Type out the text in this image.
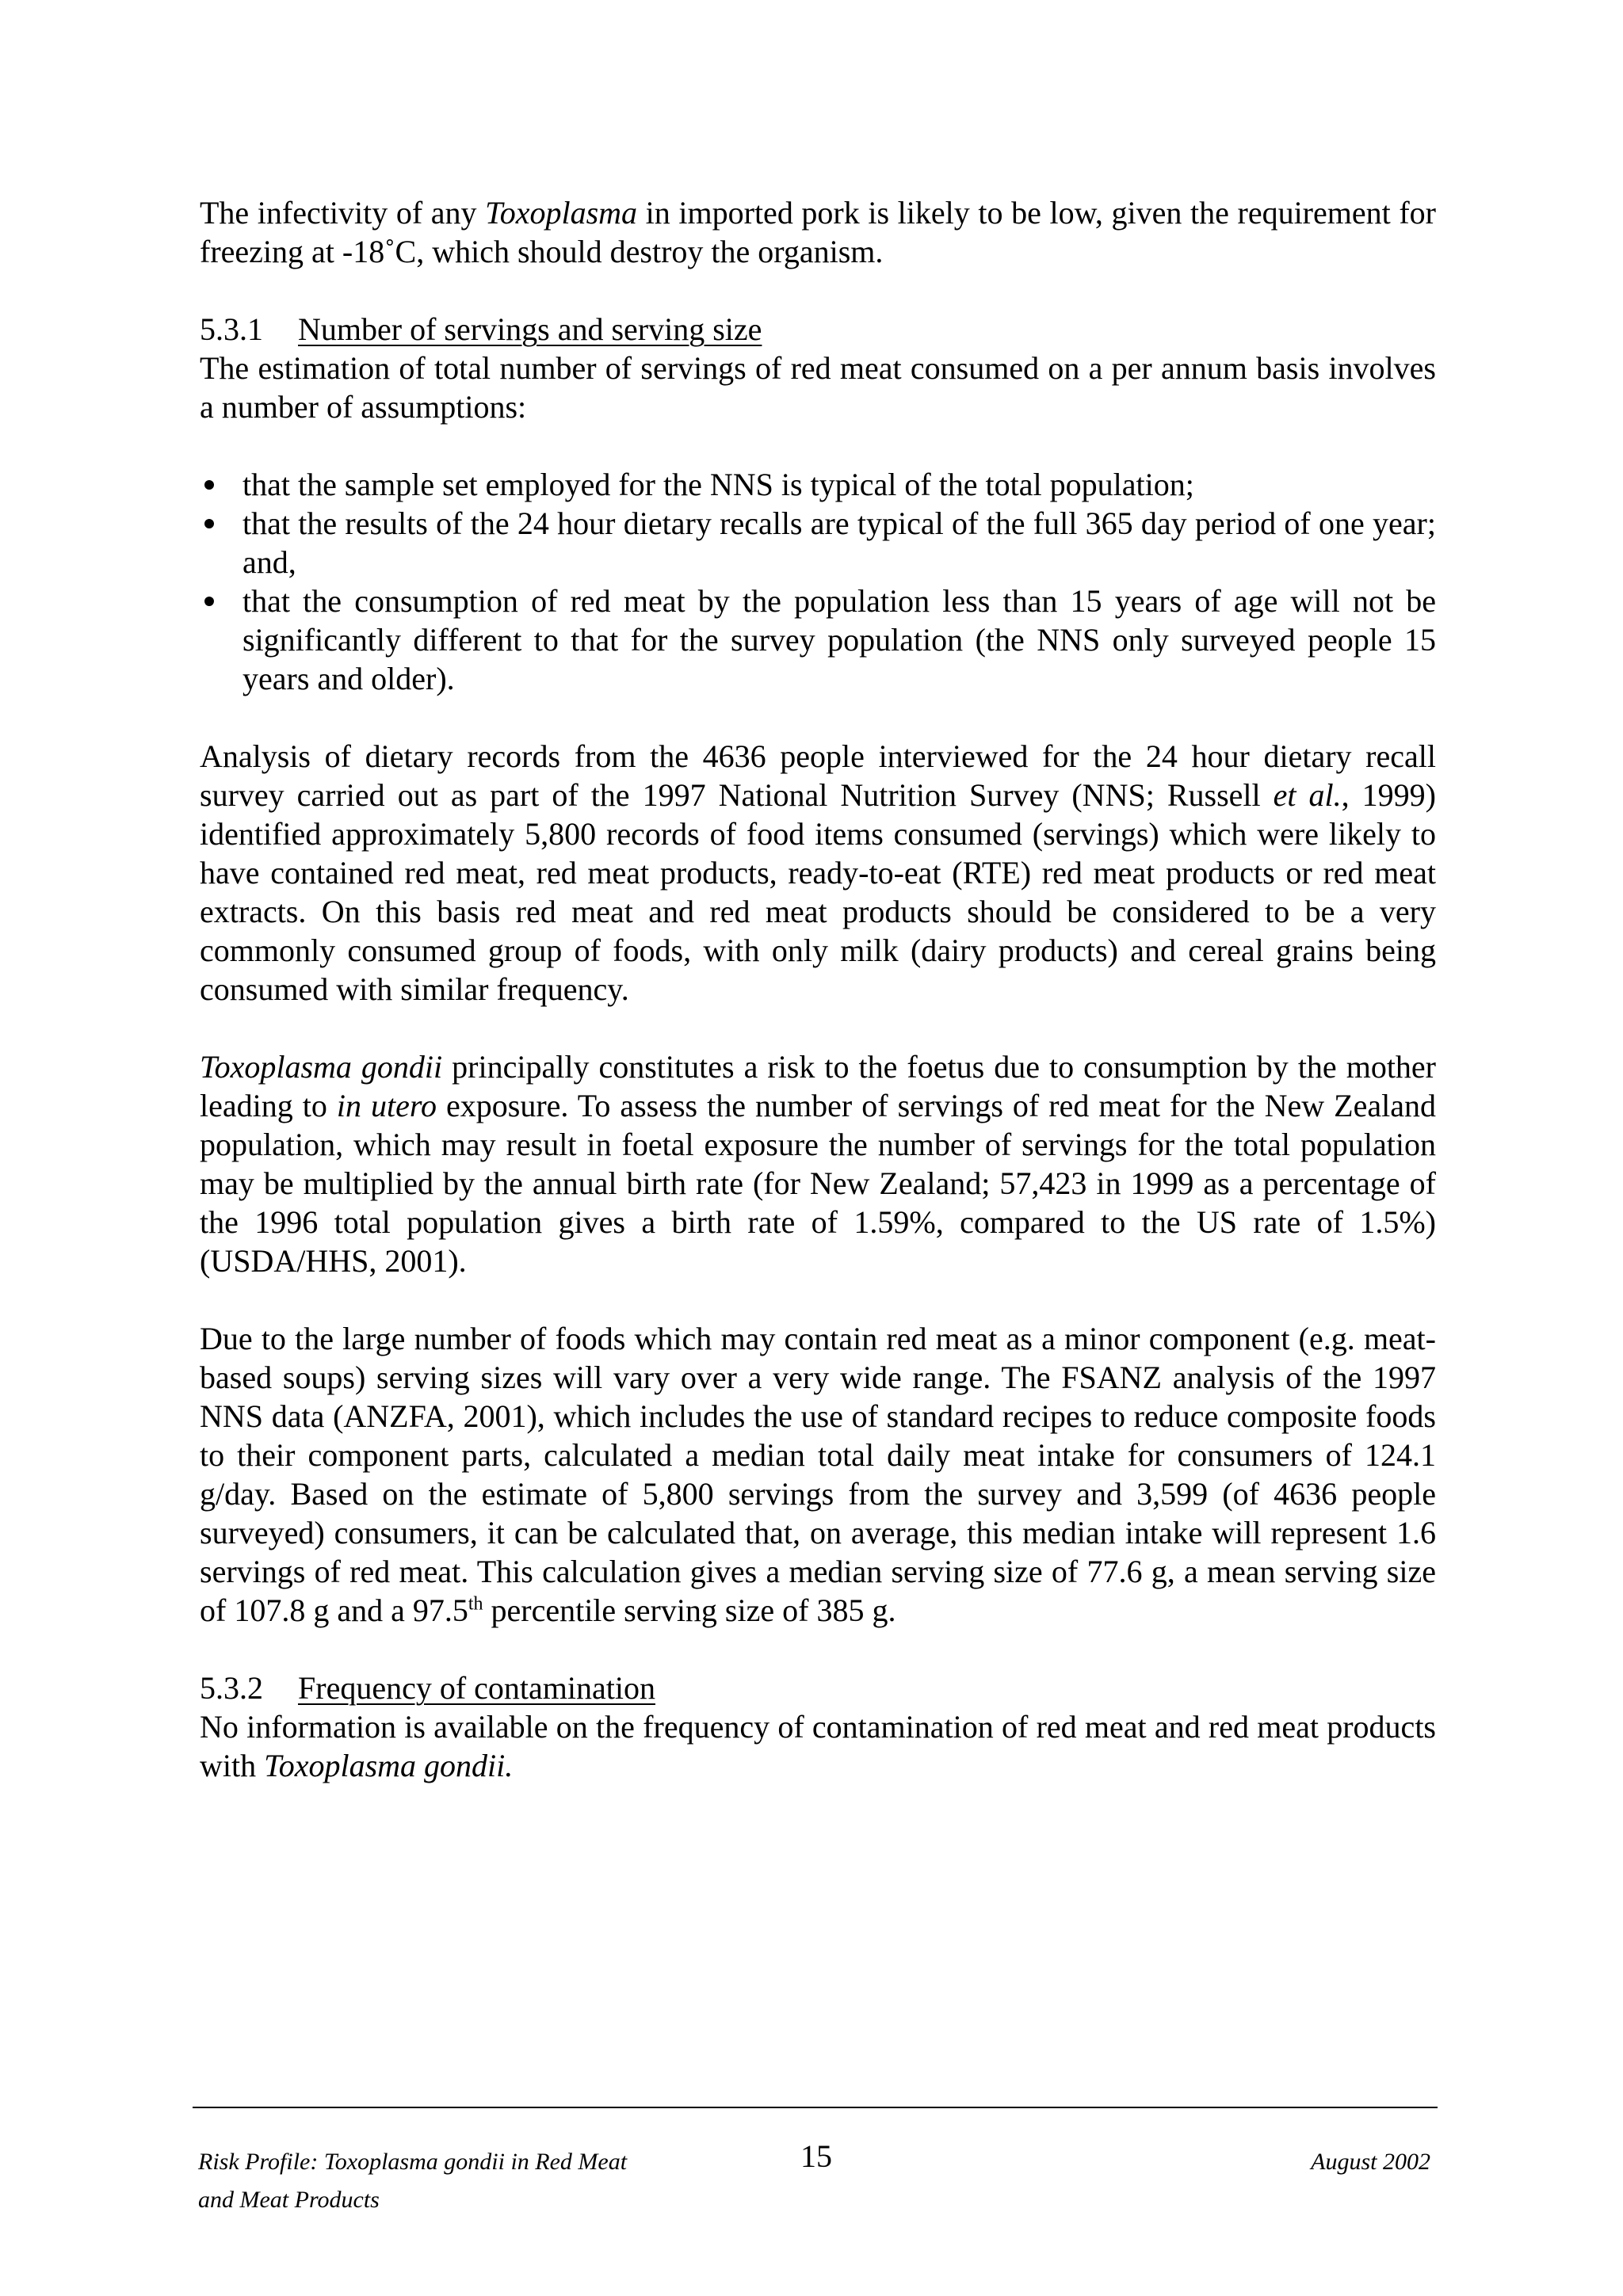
The infectivity of any Toxoplasma in imported pork is likely to be low, given the requirement for freezing at -18˚C, which should destroy the organism.

5.3.1 Number of servings and serving size

The estimation of total number of servings of red meat consumed on a per annum basis involves a number of assumptions:

that the sample set employed for the NNS is typical of the total population;
that the results of the 24 hour dietary recalls are typical of the full 365 day period of one year; and,
that the consumption of red meat by the population less than 15 years of age will not be significantly different to that for the survey population (the NNS only surveyed people 15 years and older).

Analysis of dietary records from the 4636 people interviewed for the 24 hour dietary recall survey carried out as part of the 1997 National Nutrition Survey (NNS; Russell et al., 1999) identified approximately 5,800 records of food items consumed (servings) which were likely to have contained red meat, red meat products, ready-to-eat (RTE) red meat products or red meat extracts. On this basis red meat and red meat products should be considered to be a very commonly consumed group of foods, with only milk (dairy products) and cereal grains being consumed with similar frequency.

Toxoplasma gondii principally constitutes a risk to the foetus due to consumption by the mother leading to in utero exposure. To assess the number of servings of red meat for the New Zealand population, which may result in foetal exposure the number of servings for the total population may be multiplied by the annual birth rate (for New Zealand; 57,423 in 1999 as a percentage of the 1996 total population gives a birth rate of 1.59%, compared to the US rate of 1.5%)(USDA/HHS, 2001).

Due to the large number of foods which may contain red meat as a minor component (e.g. meat-based soups) serving sizes will vary over a very wide range. The FSANZ analysis of the 1997 NNS data (ANZFA, 2001), which includes the use of standard recipes to reduce composite foods to their component parts, calculated a median total daily meat intake for consumers of 124.1 g/day. Based on the estimate of 5,800 servings from the survey and 3,599 (of 4636 people surveyed) consumers, it can be calculated that, on average, this median intake will represent 1.6 servings of red meat. This calculation gives a median serving size of 77.6 g, a mean serving size of 107.8 g and a 97.5th percentile serving size of 385 g.

5.3.2 Frequency of contamination

No information is available on the frequency of contamination of red meat and red meat products with Toxoplasma gondii.

Risk Profile: Toxoplasma gondii in Red Meat
and Meat Products
15	August 2002
